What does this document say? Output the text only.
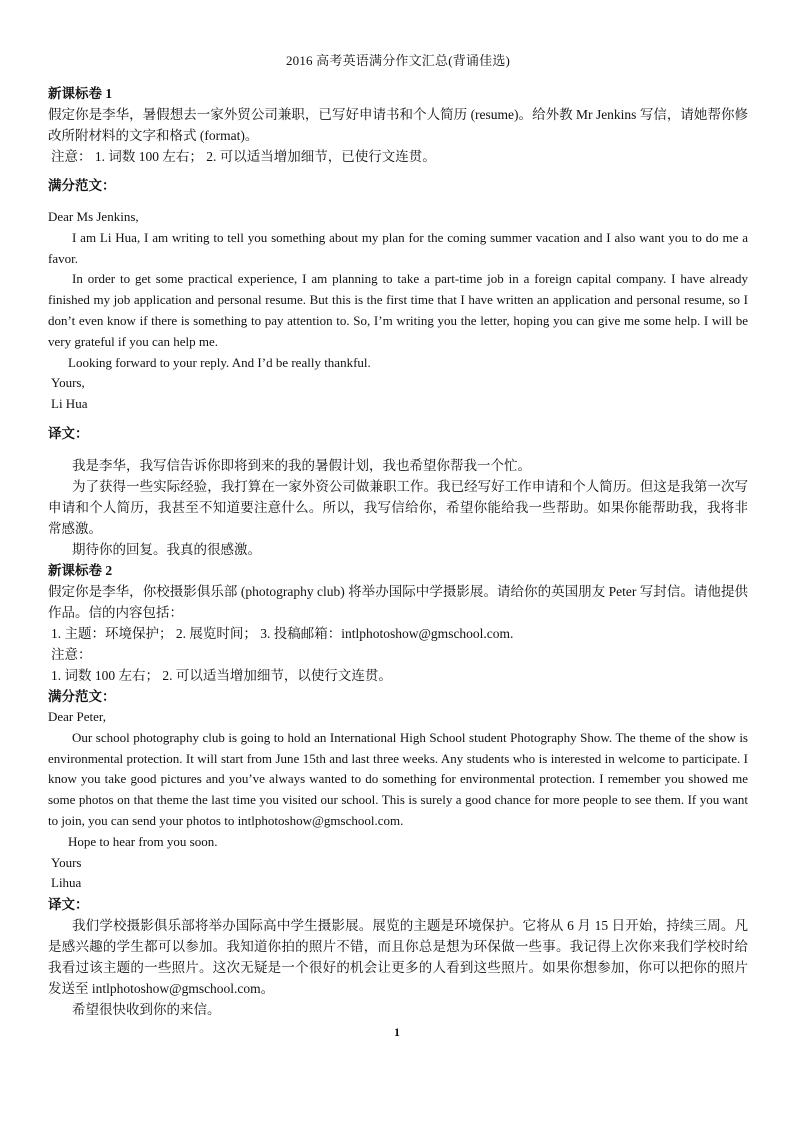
2016 高考英语满分作文汇总(背诵佳选)

新课标卷 1

假定你是李华，暑假想去一家外贸公司兼职，已写好申请书和个人简历 (resume)。给外教 Mr Jenkins 写信，请她帮你修改所附材料的文字和格式 (format)。

注意： 1. 词数 100 左右； 2. 可以适当增加细节，已使行文连贯。

满分范文：

Dear Ms Jenkins,

I am Li Hua, I am writing to tell you something about my plan for the coming summer vacation and I also want you to do me a favor.

In order to get some practical experience, I am planning to take a part-time job in a foreign capital company. I have already finished my job application and personal resume. But this is the first time that I have written an application and personal resume, so I don’t even know if there is something to pay attention to. So, I’m writing you the letter, hoping you can give me some help. I will be very grateful if you can help me.

Looking forward to your reply. And I’d be really thankful.

Yours,

Li Hua

译文：

我是李华，我写信告诉你即将到来的我的暑假计划，我也希望你帮我一个忙。

为了获得一些实际经验，我打算在一家外资公司做兼职工作。我已经写好工作申请和个人简历。但这是我第一次写申请和个人简历，我甚至不知道要注意什么。所以，我写信给你，希望你能给我一些帮助。如果你能帮助我，我将非常感激。

期待你的回复。我真的很感激。

新课标卷 2

假定你是李华，你校摄影俱乐部 (photography club) 将举办国际中学摄影展。请给你的英国朋友 Peter 写封信。请他提供作品。信的内容包括：

1. 主题：环境保护； 2. 展览时间； 3. 投稿邮箱：intlphotoshow@gmschool.com.

注意：

1. 词数 100 左右； 2. 可以适当增加细节，以使行文连贯。

满分范文：

Dear Peter,

Our school photography club is going to hold an International High School student Photography Show. The theme of the show is environmental protection. It will start from June 15th and last three weeks. Any students who is interested in welcome to participate. I know you take good pictures and you’ve always wanted to do something for environmental protection. I remember you showed me some photos on that theme the last time you visited our school. This is surely a good chance for more people to see them. If you want to join, you can send your photos to intlphotoshow@gmschool.com.

Hope to hear from you soon.

Yours

Lihua

译文：

我们学校摄影俱乐部将举办国际高中学生摄影展。展览的主题是环境保护。它将从 6 月 15 日开始，持续三周。凡是感兴趣的学生都可以参加。我知道你拍的照片不错，而且你总是想为环保做一些事。我记得上次你来我们学校时给我看过该主题的一些照片。这次无疑是一个很好的机会让更多的人看到这些照片。如果你想参加，你可以把你的照片发送至 intlphotoshow@gmschool.com。

希望很快收到你的来信。

1
